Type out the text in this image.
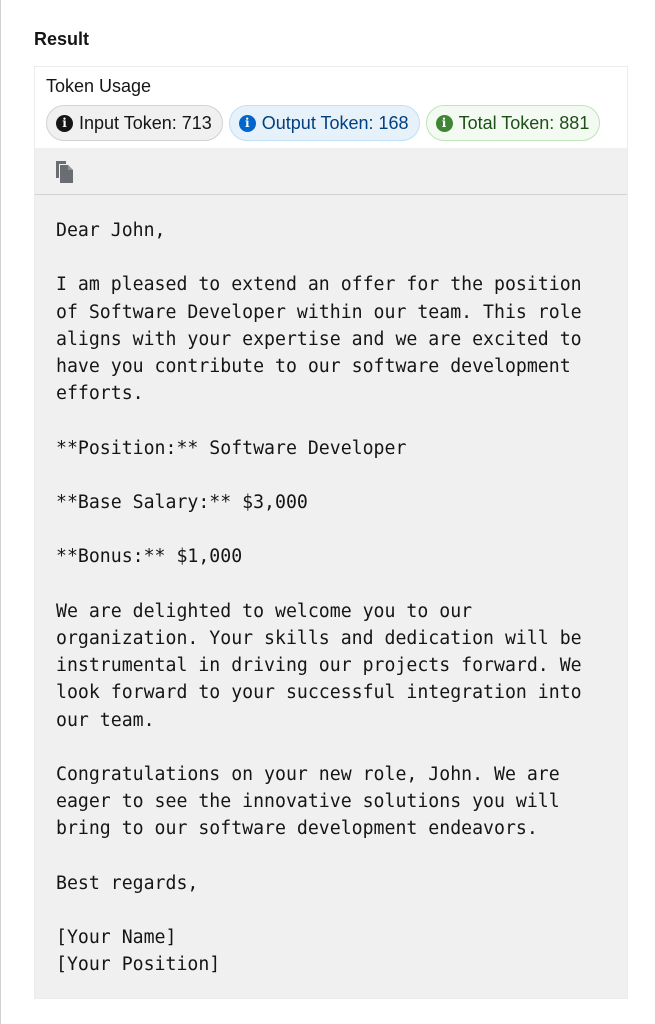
Result
Token Usage
i Input Token: 713	i Output Token: 168	i Total Token: 881
Dear John,

I am pleased to extend an offer for the position
of Software Developer within our team. This role
aligns with your expertise and we are excited to
have you contribute to our software development
efforts.

**Position:** Software Developer

**Base Salary:** $3,000

**Bonus:** $1,000

We are delighted to welcome you to our
organization. Your skills and dedication will be
instrumental in driving our projects forward. We
look forward to your successful integration into
our team.

Congratulations on your new role, John. We are
eager to see the innovative solutions you will
bring to our software development endeavors.

Best regards,

[Your Name]
[Your Position]
